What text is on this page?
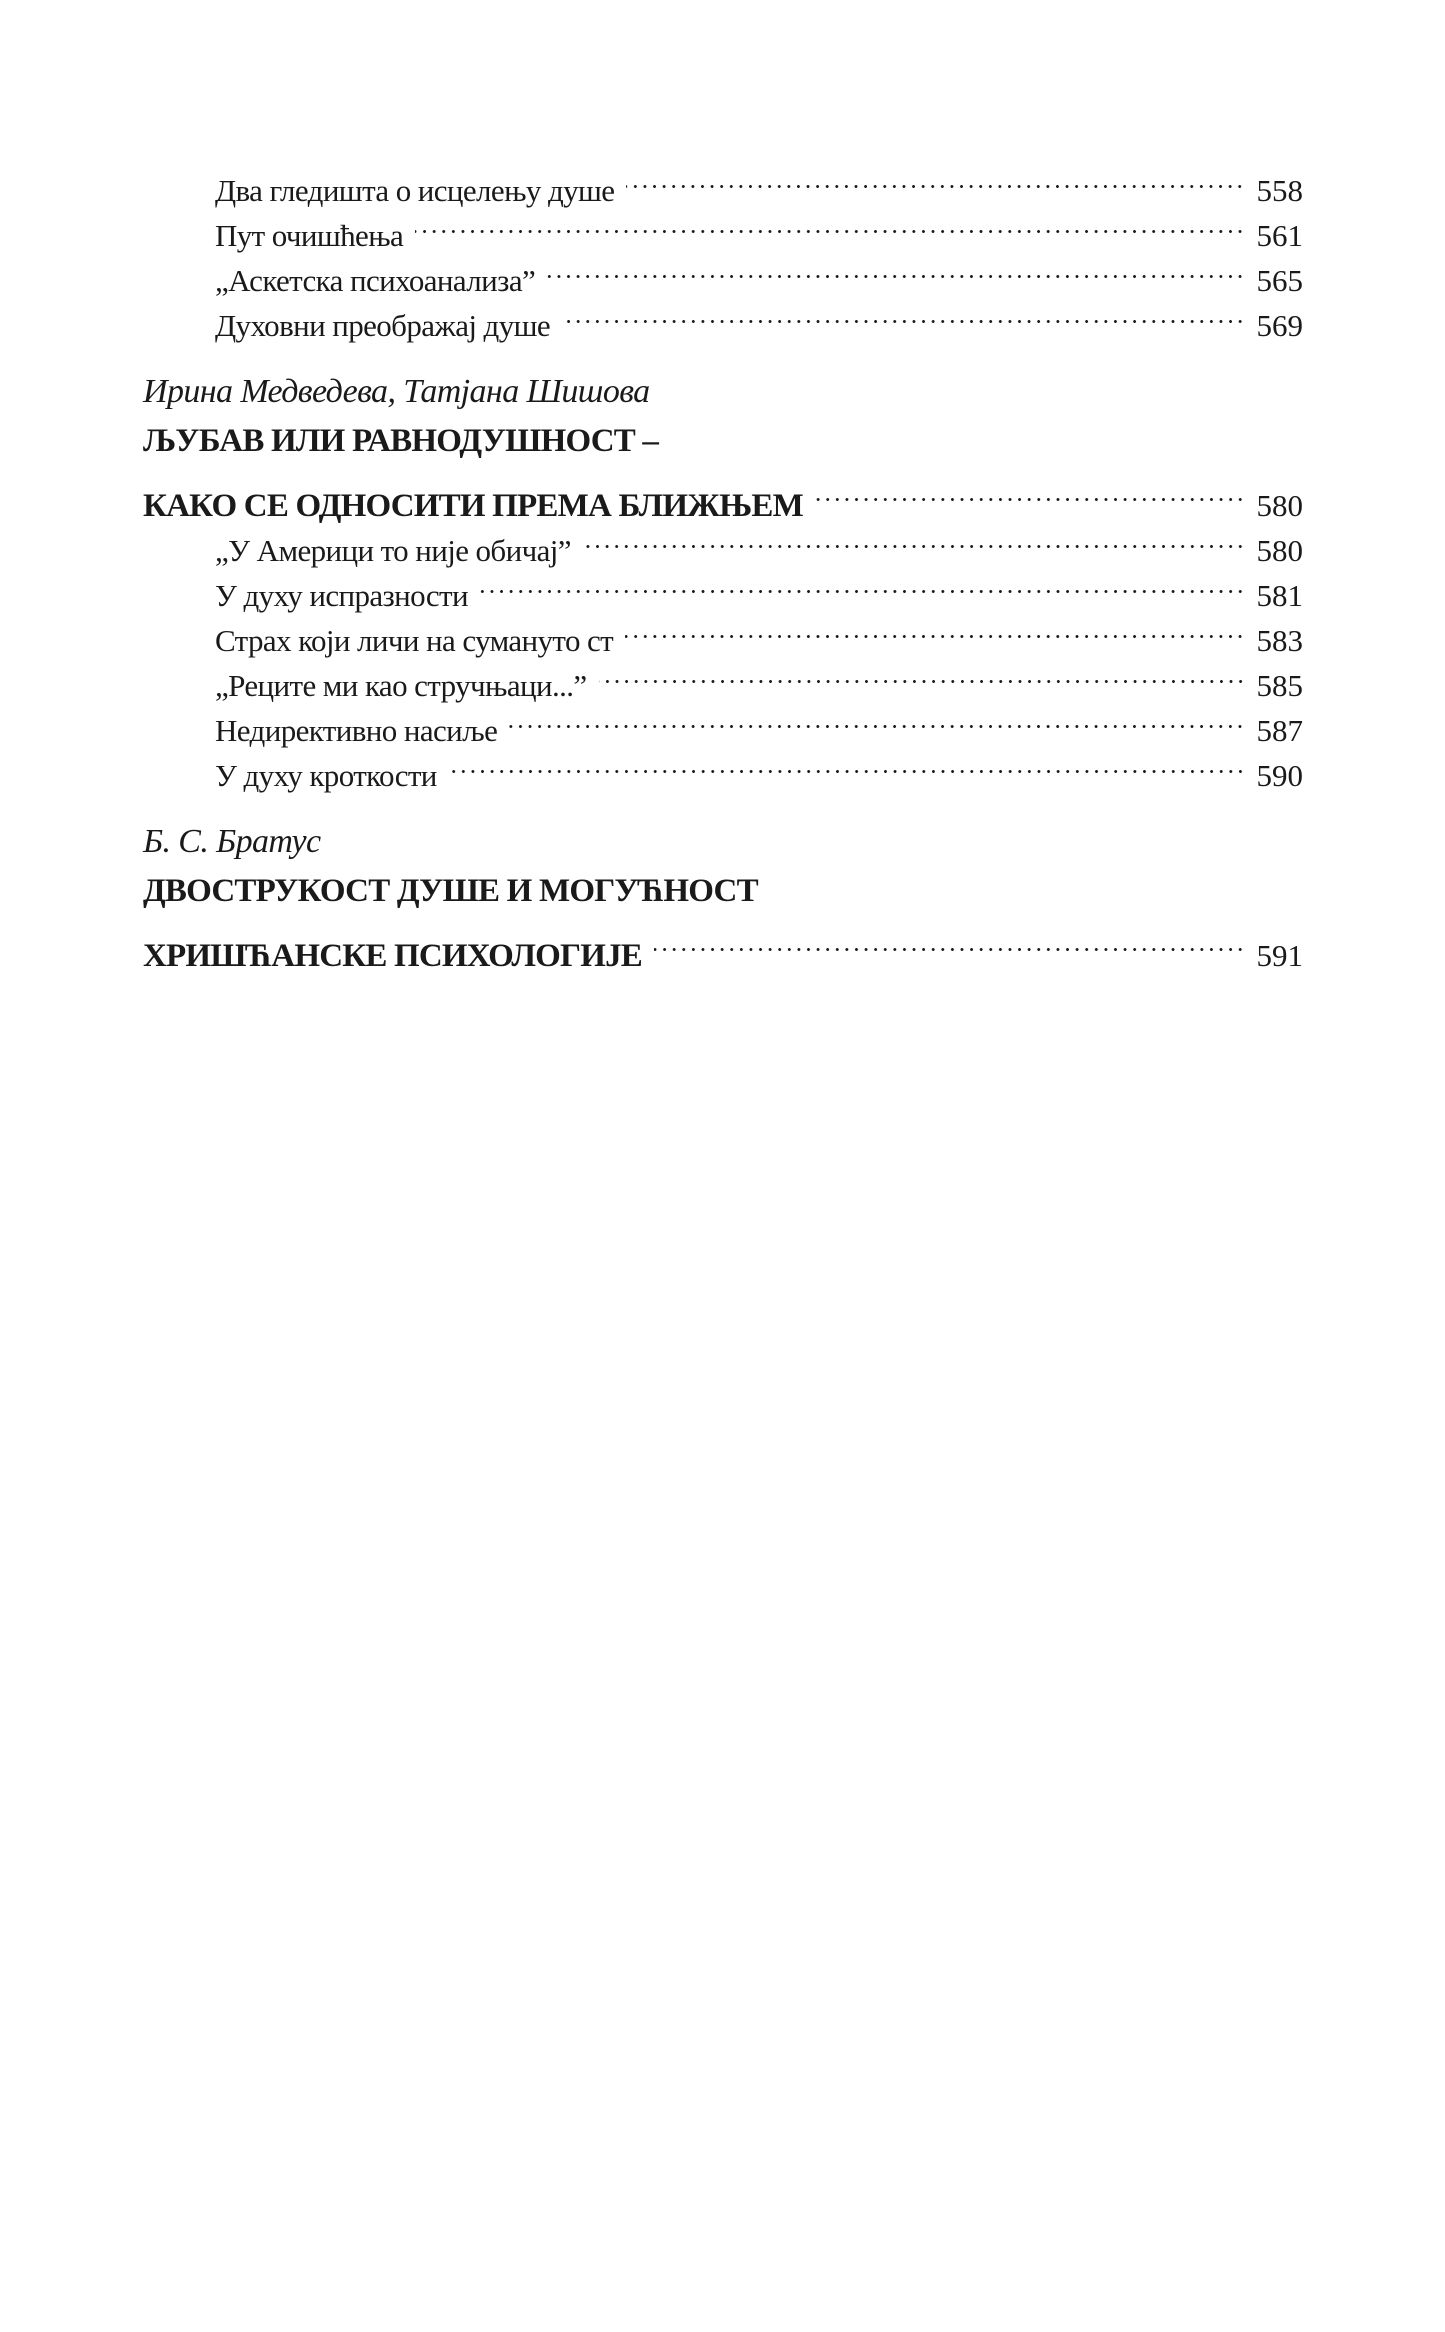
Два гледишта о исцелењу душе	558
Пут очишћења	561
„Аскетска психоанализа”	565
Духовни преображај душе	569
Ирина Медведева, Татјана Шишова
ЉУБАВ ИЛИ РАВНОДУШНОСТ –
КАКО СЕ ОДНОСИТИ ПРЕМА БЛИЖЊЕМ	580
„У Америци то није обичај”	580
У духу испразности	581
Страх који личи на сумануто ст	583
„Реците ми као стручњаци...”	585
Недирективно насиље	587
У духу кроткости	590
Б. С. Братус
ДВОСТРУКОСТ ДУШЕ И МОГУЋНОСТ
ХРИШЋАНСКЕ ПСИХОЛОГИЈЕ	591
